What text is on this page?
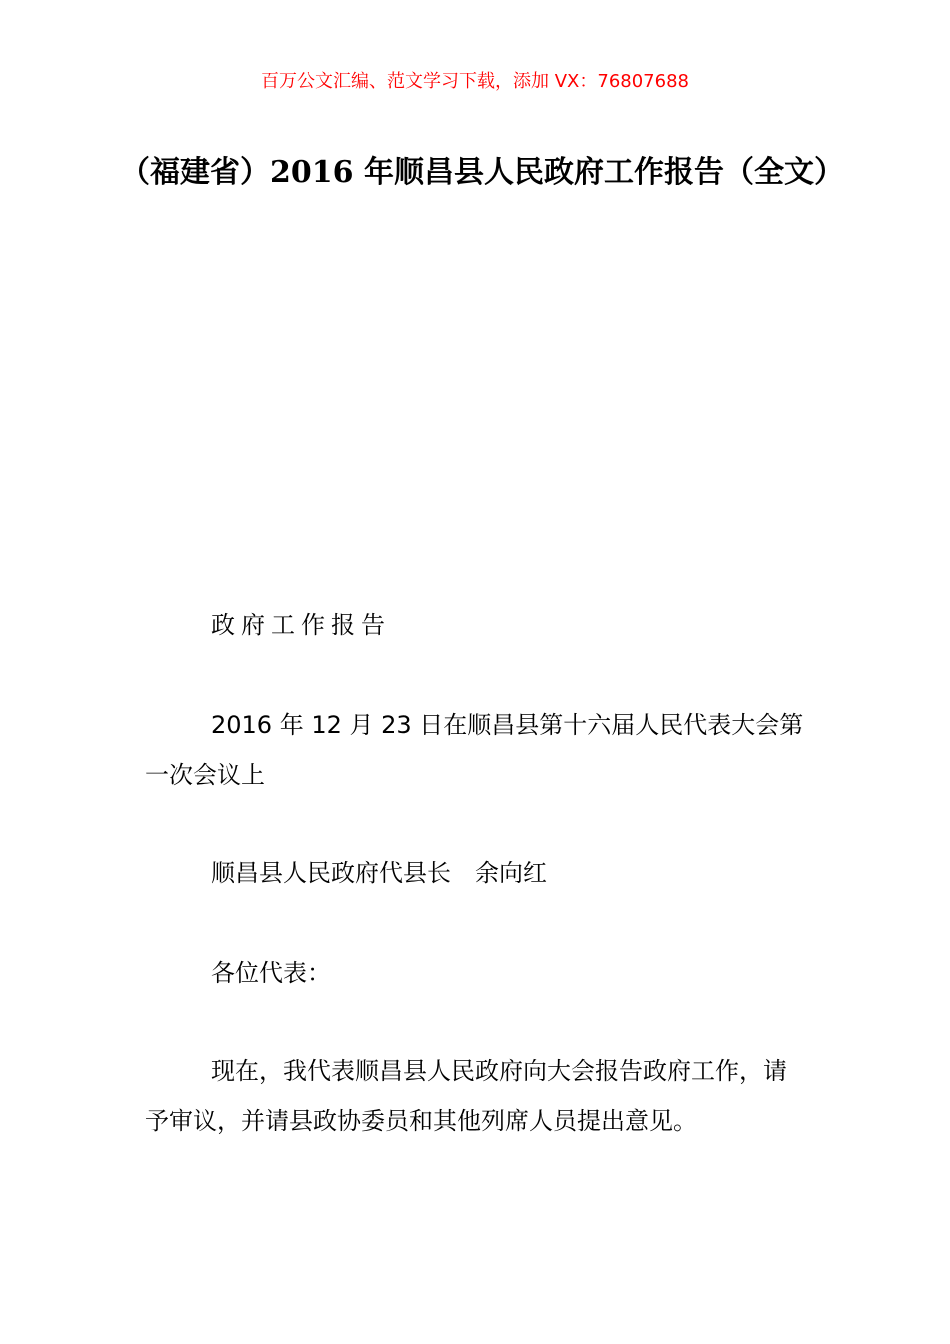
百万公文汇编、范文学习下载，添加 VX：76807688
（福建省）2016 年顺昌县人民政府工作报告（全文）

政府工作报告

2016 年 12 月 23 日在顺昌县第十六届人民代表大会第一次会议上

顺昌县人民政府代县长　余向红

各位代表：

现在，我代表顺昌县人民政府向大会报告政府工作，请予审议，并请县政协委员和其他列席人员提出意见。
